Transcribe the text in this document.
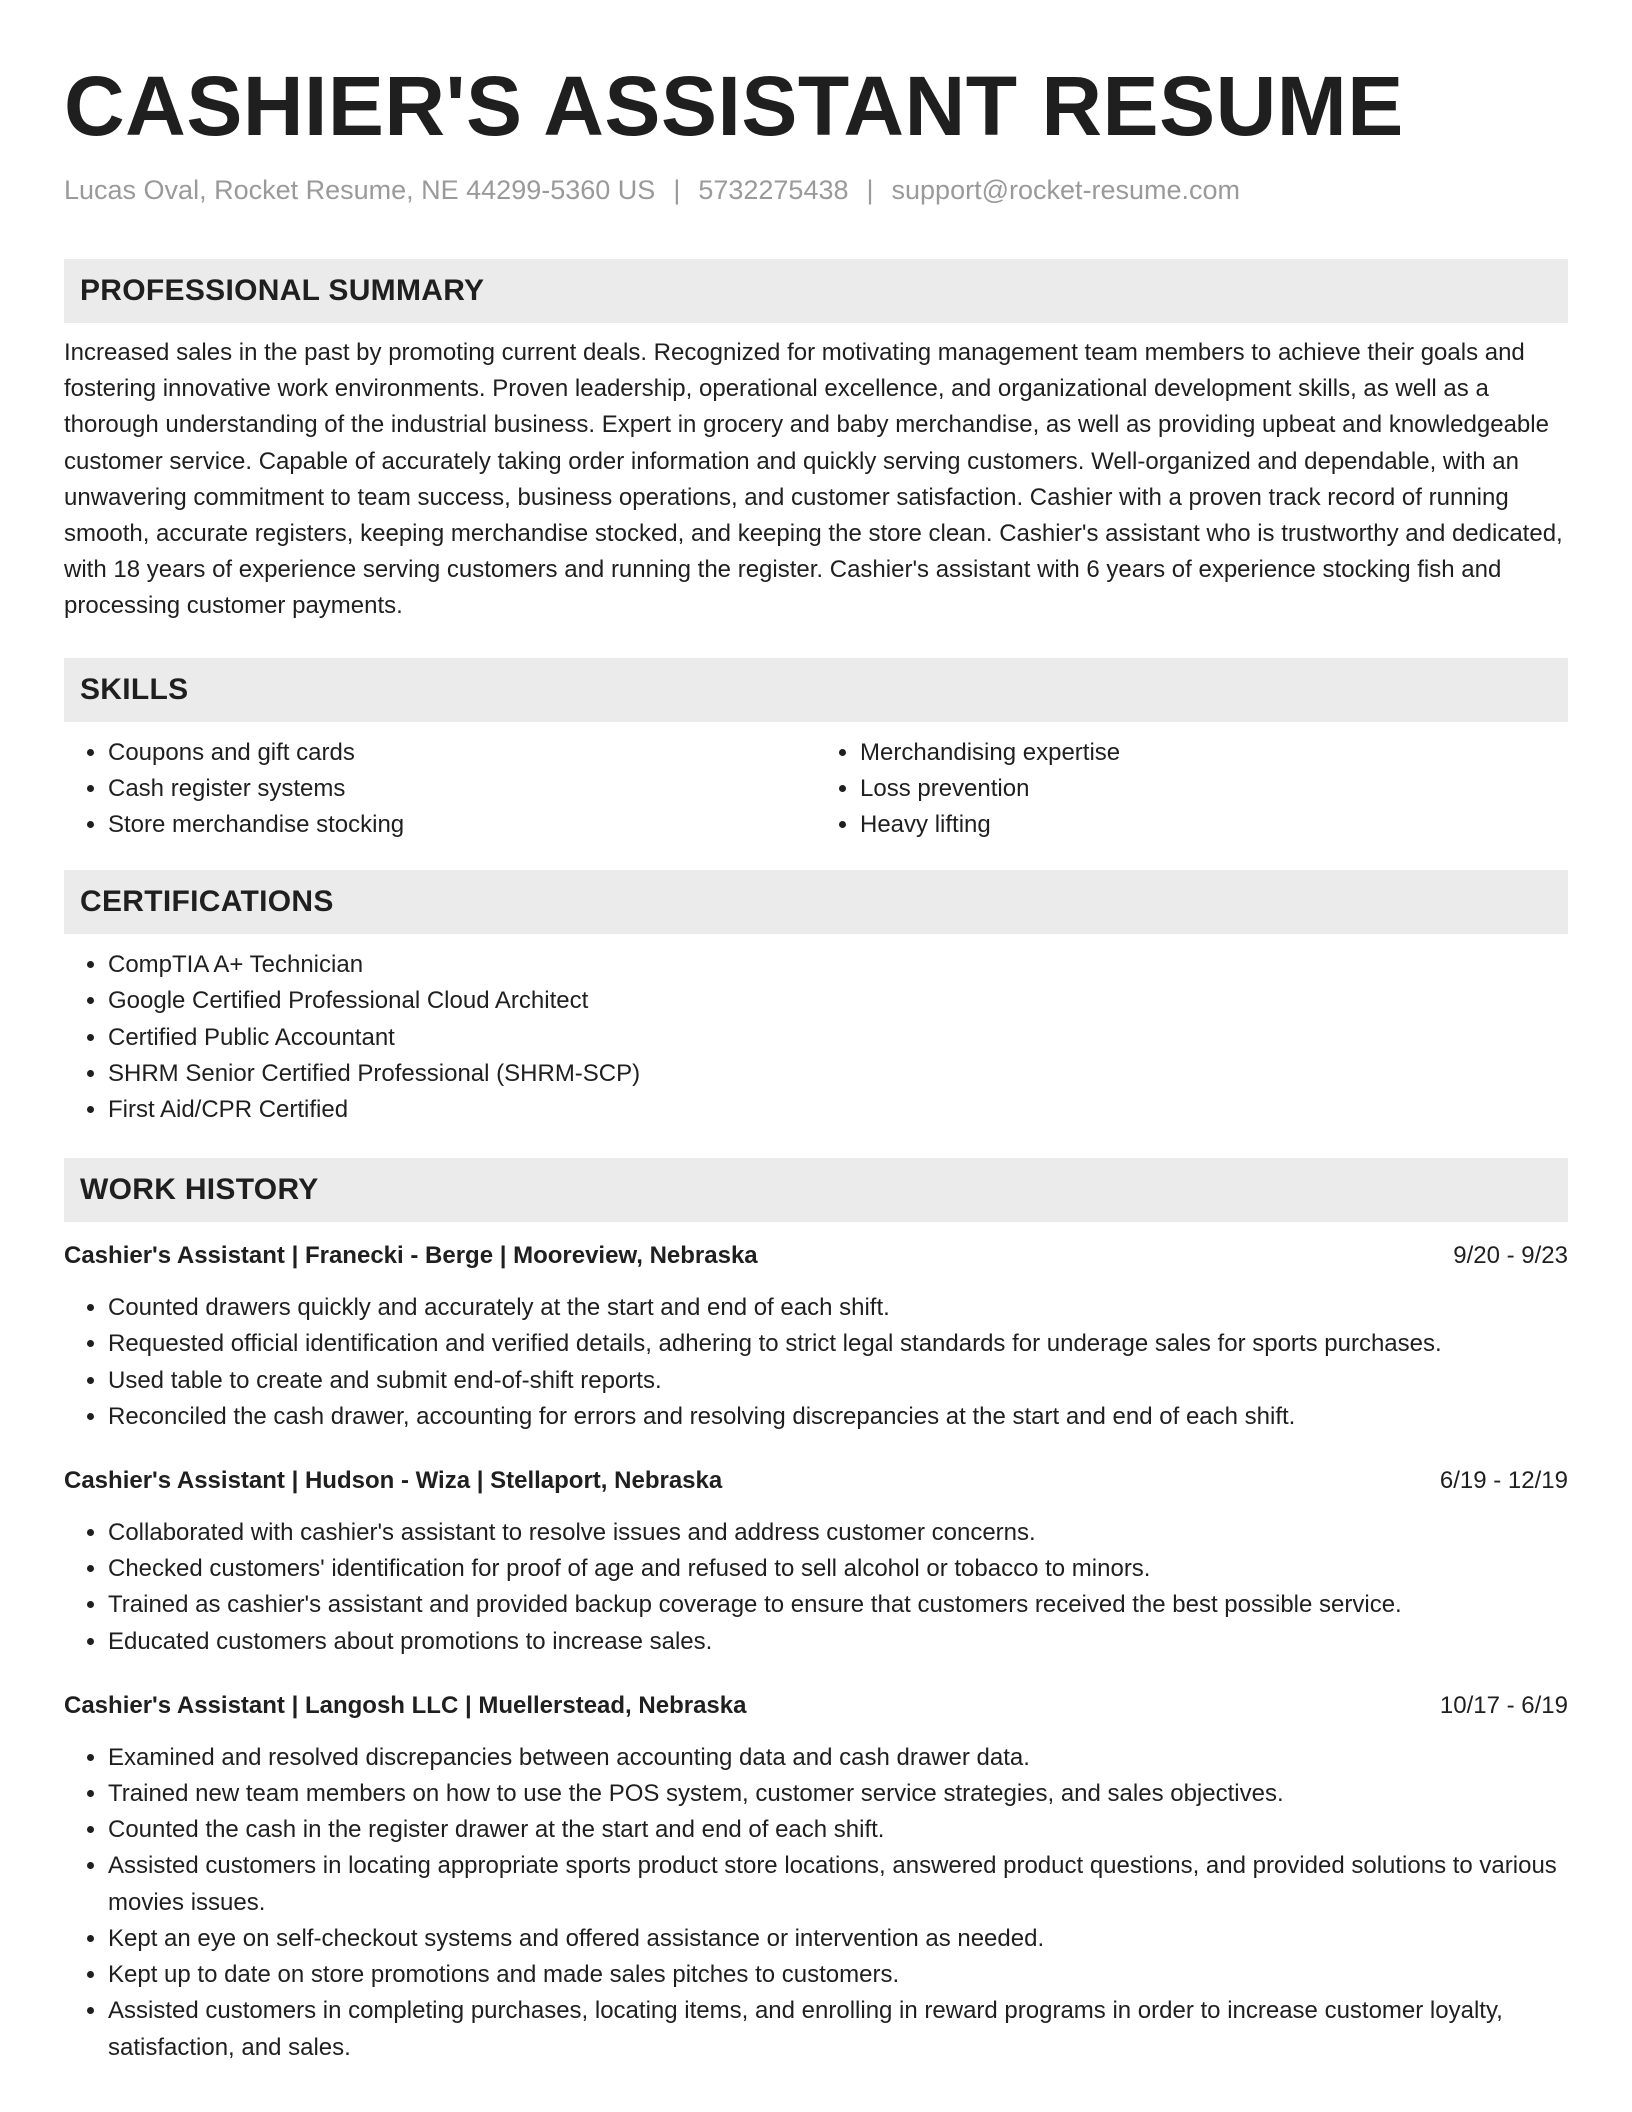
CASHIER'S ASSISTANT RESUME
Lucas Oval, Rocket Resume, NE 44299-5360 US | 5732275438 | support@rocket-resume.com
PROFESSIONAL SUMMARY

Increased sales in the past by promoting current deals. Recognized for motivating management team members to achieve their goals and fostering innovative work environments. Proven leadership, operational excellence, and organizational development skills, as well as a thorough understanding of the industrial business. Expert in grocery and baby merchandise, as well as providing upbeat and knowledgeable customer service. Capable of accurately taking order information and quickly serving customers. Well-organized and dependable, with an unwavering commitment to team success, business operations, and customer satisfaction. Cashier with a proven track record of running smooth, accurate registers, keeping merchandise stocked, and keeping the store clean. Cashier's assistant who is trustworthy and dedicated, with 18 years of experience serving customers and running the register. Cashier's assistant with 6 years of experience stocking fish and processing customer payments.

SKILLS
• Coupons and gift cards
• Cash register systems
• Store merchandise stocking
• Merchandising expertise
• Loss prevention
• Heavy lifting
CERTIFICATIONS
• CompTIA A+ Technician
• Google Certified Professional Cloud Architect
• Certified Public Accountant
• SHRM Senior Certified Professional (SHRM-SCP)
• First Aid/CPR Certified
WORK HISTORY
Cashier's Assistant | Franecki - Berge | Mooreview, Nebraska	9/20 - 9/23
• Counted drawers quickly and accurately at the start and end of each shift.
• Requested official identification and verified details, adhering to strict legal standards for underage sales for sports purchases.
• Used table to create and submit end-of-shift reports.
• Reconciled the cash drawer, accounting for errors and resolving discrepancies at the start and end of each shift.
Cashier's Assistant | Hudson - Wiza | Stellaport, Nebraska	6/19 - 12/19
• Collaborated with cashier's assistant to resolve issues and address customer concerns.
• Checked customers' identification for proof of age and refused to sell alcohol or tobacco to minors.
• Trained as cashier's assistant and provided backup coverage to ensure that customers received the best possible service.
• Educated customers about promotions to increase sales.
Cashier's Assistant | Langosh LLC | Muellerstead, Nebraska	10/17 - 6/19
• Examined and resolved discrepancies between accounting data and cash drawer data.
• Trained new team members on how to use the POS system, customer service strategies, and sales objectives.
• Counted the cash in the register drawer at the start and end of each shift.
• Assisted customers in locating appropriate sports product store locations, answered product questions, and provided solutions to various movies issues.
• Kept an eye on self-checkout systems and offered assistance or intervention as needed.
• Kept up to date on store promotions and made sales pitches to customers.
• Assisted customers in completing purchases, locating items, and enrolling in reward programs in order to increase customer loyalty, satisfaction, and sales.
